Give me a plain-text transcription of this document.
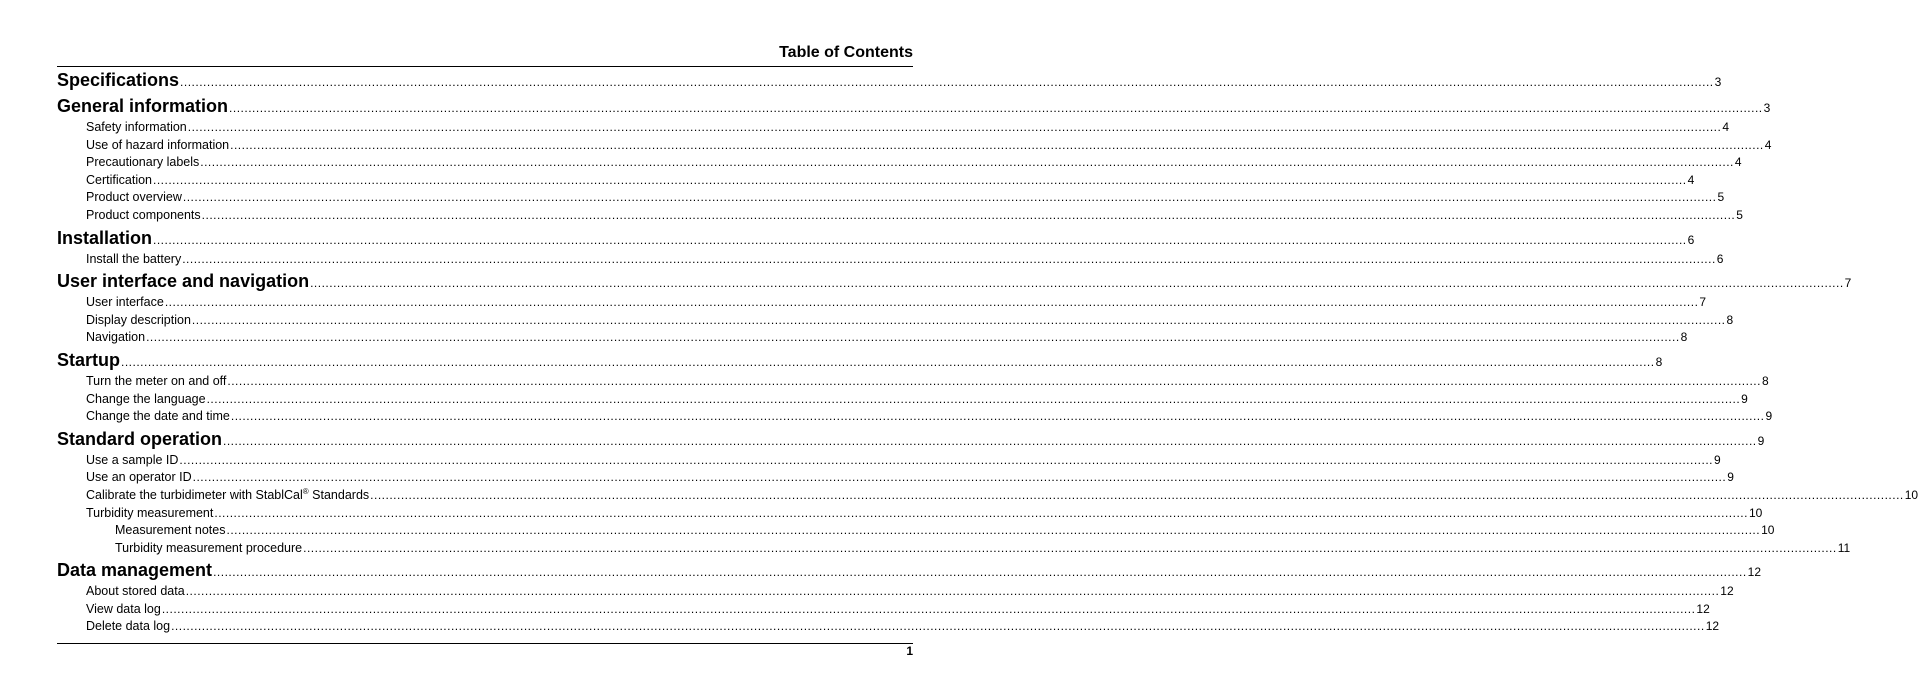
Table of Contents
Specifications ................................................................................................................................................................................................................................................................................................................................................................................................................ 3
General information ................................................................................................................................................................................................................................................................................................................................................................................................................ 3
Safety information ................................................................................................................................................................................................................................................................................................................................................................................................................ 4
Use of hazard information ................................................................................................................................................................................................................................................................................................................................................................................................................ 4
Precautionary labels ................................................................................................................................................................................................................................................................................................................................................................................................................ 4
Certification ................................................................................................................................................................................................................................................................................................................................................................................................................ 4
Product overview ................................................................................................................................................................................................................................................................................................................................................................................................................ 5
Product components ................................................................................................................................................................................................................................................................................................................................................................................................................ 5
Installation ................................................................................................................................................................................................................................................................................................................................................................................................................ 6
Install the battery ................................................................................................................................................................................................................................................................................................................................................................................................................ 6
User interface and navigation ................................................................................................................................................................................................................................................................................................................................................................................................................ 7
User interface ................................................................................................................................................................................................................................................................................................................................................................................................................ 7
Display description ................................................................................................................................................................................................................................................................................................................................................................................................................ 8
Navigation ................................................................................................................................................................................................................................................................................................................................................................................................................ 8
Startup ................................................................................................................................................................................................................................................................................................................................................................................................................ 8
Turn the meter on and off ................................................................................................................................................................................................................................................................................................................................................................................................................ 8
Change the language ................................................................................................................................................................................................................................................................................................................................................................................................................ 9
Change the date and time ................................................................................................................................................................................................................................................................................................................................................................................................................ 9
Standard operation ................................................................................................................................................................................................................................................................................................................................................................................................................ 9
Use a sample ID ................................................................................................................................................................................................................................................................................................................................................................................................................ 9
Use an operator ID ................................................................................................................................................................................................................................................................................................................................................................................................................ 9
Calibrate the turbidimeter with StablCal® Standards ................................................................................................................................................................................................................................................................................................................................................................................................................ 10
Turbidity measurement ................................................................................................................................................................................................................................................................................................................................................................................................................ 10
Measurement notes ................................................................................................................................................................................................................................................................................................................................................................................................................ 10
Turbidity measurement procedure ................................................................................................................................................................................................................................................................................................................................................................................................................ 11
Data management ................................................................................................................................................................................................................................................................................................................................................................................................................ 12
About stored data ................................................................................................................................................................................................................................................................................................................................................................................................................ 12
View data log ................................................................................................................................................................................................................................................................................................................................................................................................................ 12
Delete data log ................................................................................................................................................................................................................................................................................................................................................................................................................ 12
1
